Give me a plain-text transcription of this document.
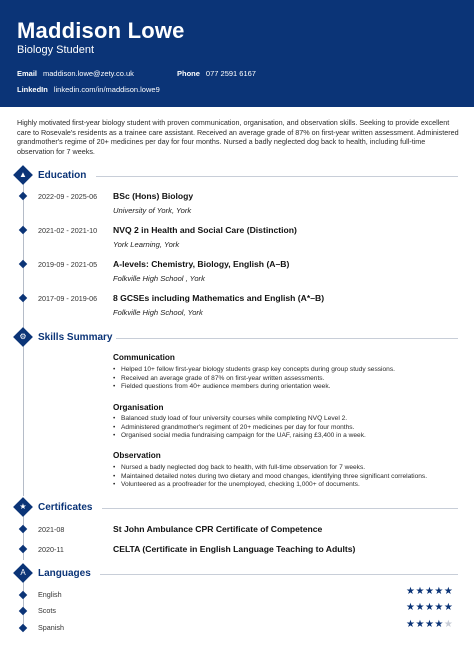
Maddison Lowe
Biology Student
Email maddison.lowe@zety.co.uk	Phone 077 2591 6167
LinkedIn linkedin.com/in/maddison.lowe9
Highly motivated first-year biology student with proven communication, organisation, and observation skills. Seeking to provide excellent care to Rosevale's residents as a trainee care assistant. Received an average grade of 87% on first-year written assessment. Administered grandmother's regime of 20+ medicines per day for four months. Nursed a badly neglected dog back to health, including full-time observation for 7 weeks.
▲	Education
2022-09 - 2025-06 BSc (Hons) Biology
University of York, York
2021-02 - 2021-10 NVQ 2 in Health and Social Care (Distinction)
York Learning, York
2019-09 - 2021-05 A-levels: Chemistry, Biology, English (A–B)
Folkville High School , York
2017-09 - 2019-06 8 GCSEs including Mathematics and English (A*–B)
Folkville High School, York
⚙	Skills Summary
Communication
• Helped 10+ fellow first-year biology students grasp key concepts during group study sessions.
• Received an average grade of 87% on first-year written assessments.
• Fielded questions from 40+ audience members during orientation week.
Organisation
• Balanced study load of four university courses while completing NVQ Level 2.
• Administered grandmother's regiment of 20+ medicines per day for four months.
• Organised social media fundraising campaign for the UAF, raising £3,400 in a week.
Observation
• Nursed a badly neglected dog back to health, with full-time observation for 7 weeks.
• Maintained detailed notes during two dietary and mood changes, identifying three significant correlations.
• Volunteered as a proofreader for the unemployed, checking 1,000+ of documents.
★	Certificates
2021-08	St John Ambulance CPR Certificate of Competence
2020-11	CELTA (Certificate in English Language Teaching to Adults)
A	Languages
English	★★★★★
Scots	★★★★★
Spanish	★★★★★
